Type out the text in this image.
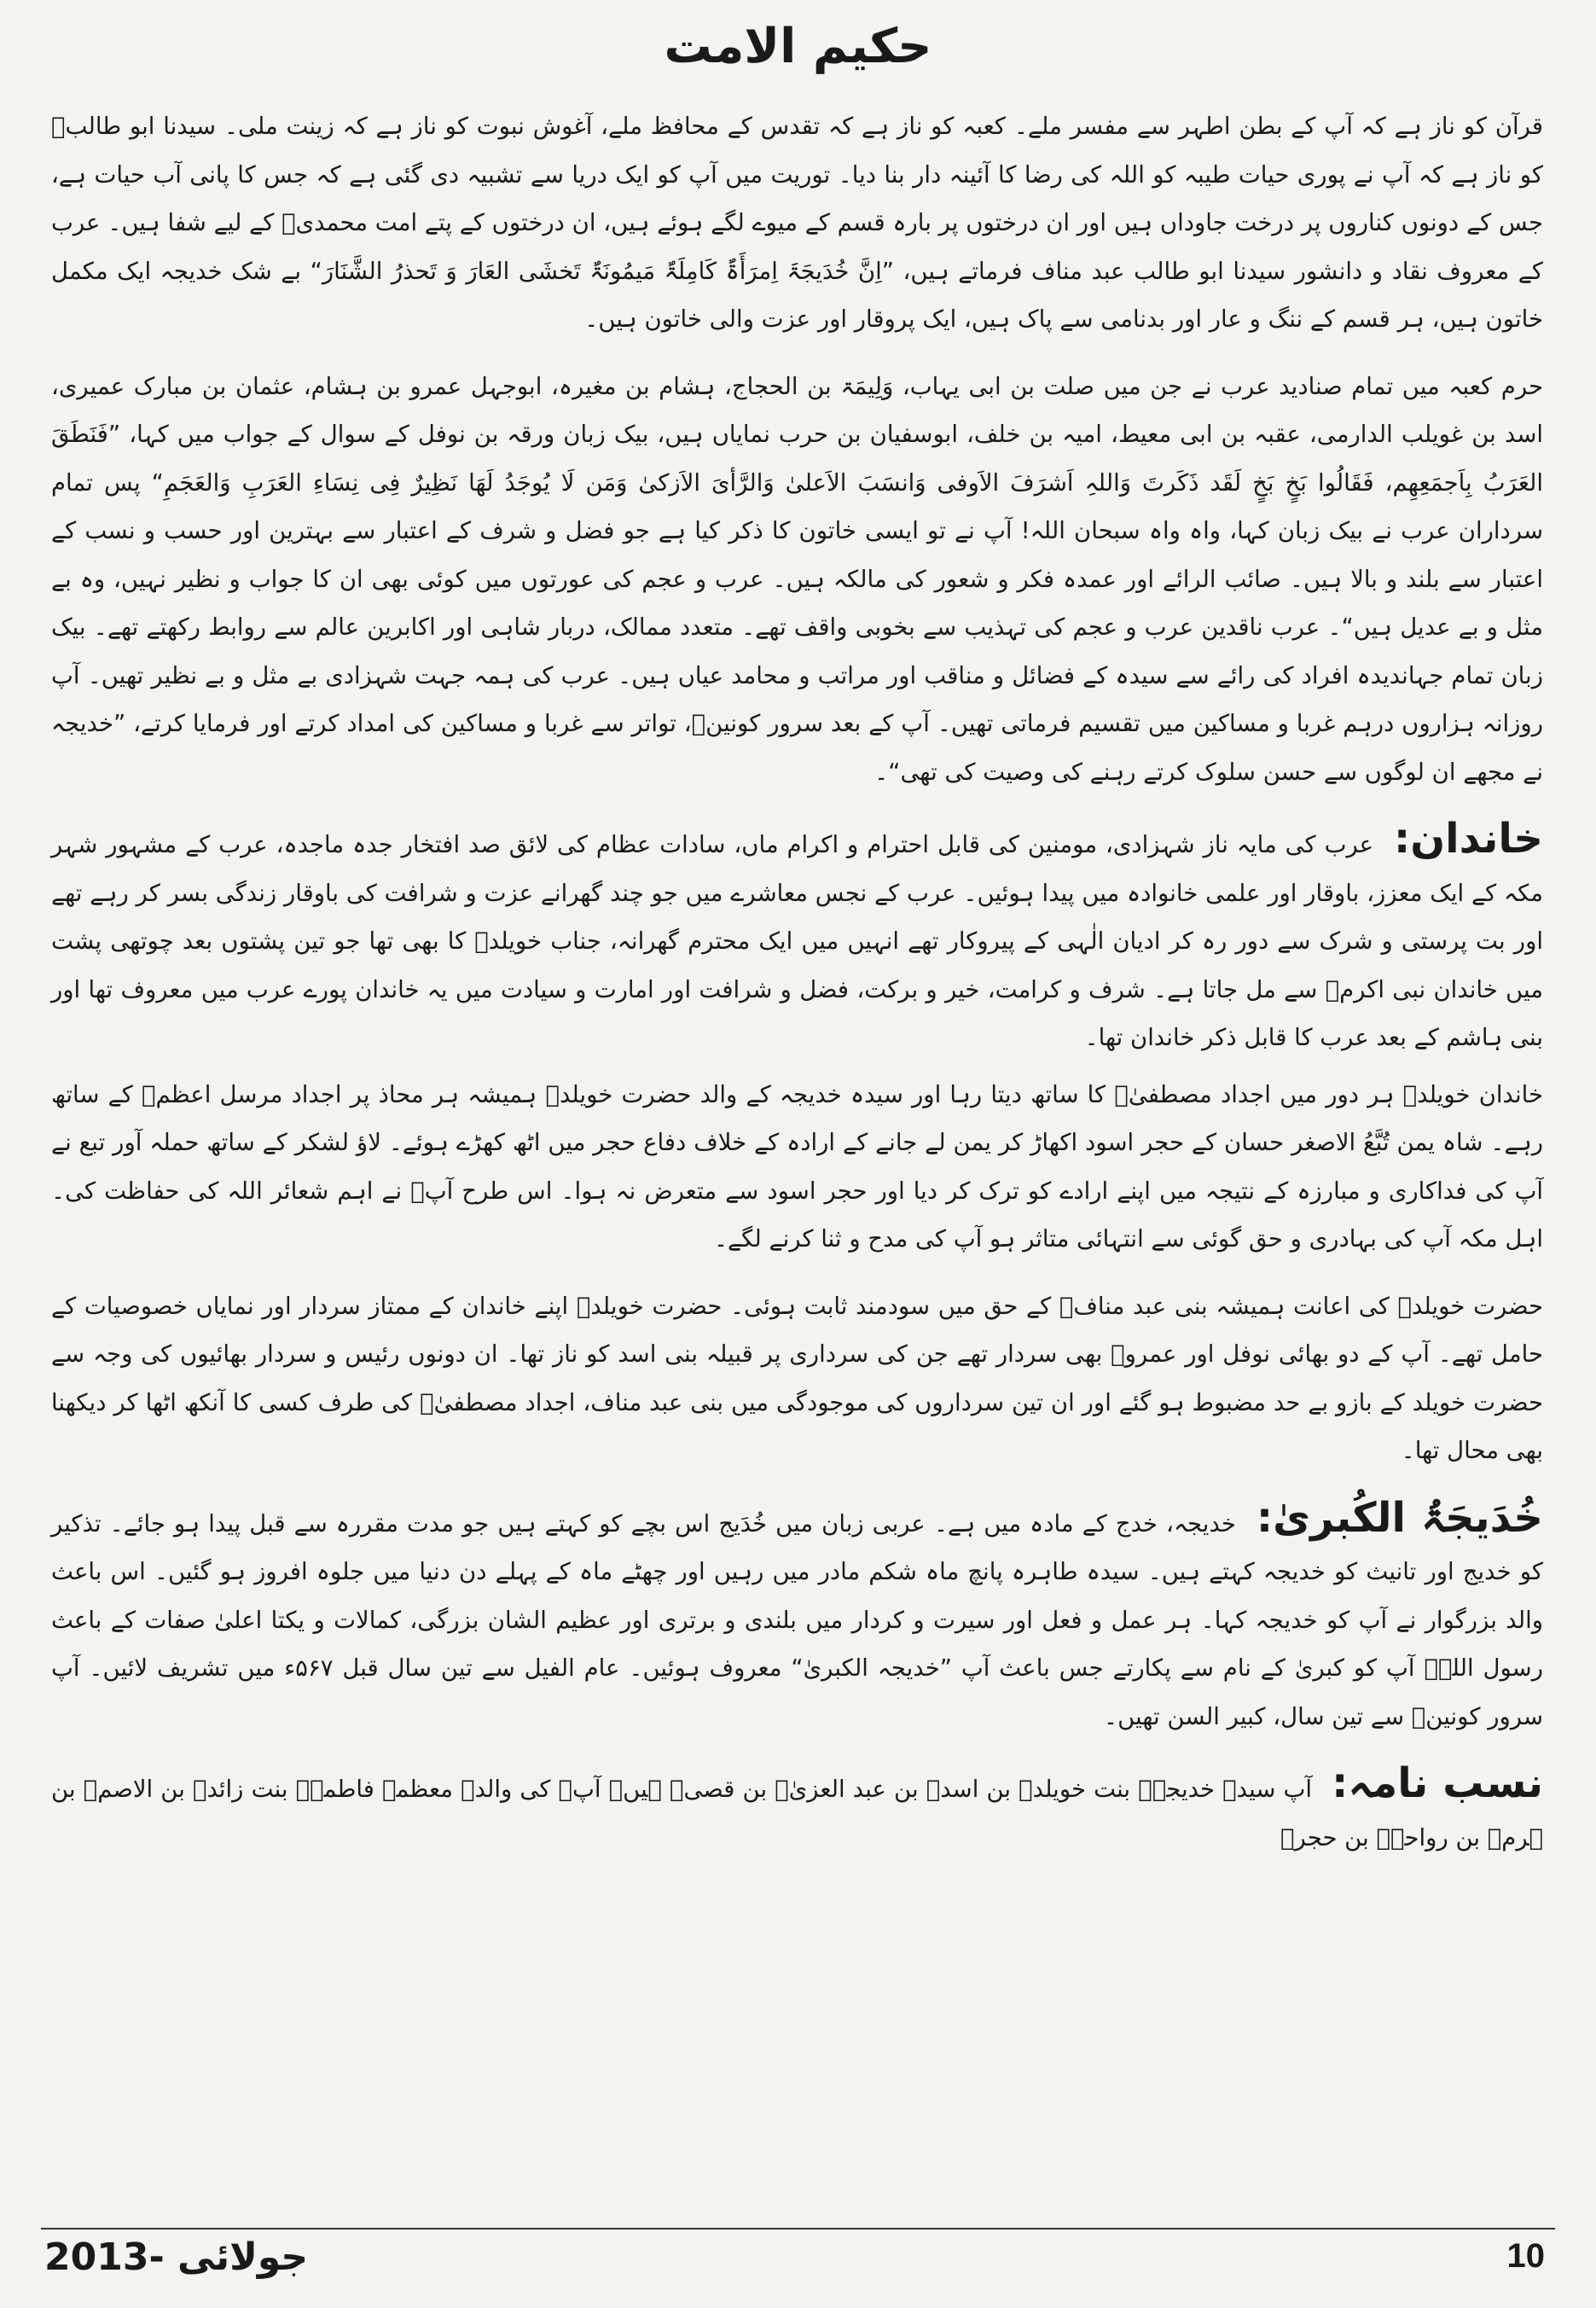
حکیم الامت

قرآن کو ناز ہے کہ آپ کے بطن اطہر سے مفسر ملے۔ کعبہ کو ناز ہے کہ تقدس کے محافظ ملے، آغوش نبوت کو ناز ہے کہ زینت ملی۔ سیدنا ابو طالبؑ کو ناز ہے کہ آپ نے پوری حیات طیبہ کو اللہ کی رضا کا آئینہ دار بنا دیا۔ توریت میں آپ کو ایک دریا سے تشبیہ دی گئی ہے کہ جس کا پانی آب حیات ہے، جس کے دونوں کناروں پر درخت جاوداں ہیں اور ان درختوں پر بارہ قسم کے میوے لگے ہوئے ہیں، ان درختوں کے پتے امت محمدیؐ کے لیے شفا ہیں۔ عرب کے معروف نقاد و دانشور سیدنا ابو طالب عبد مناف فرماتے ہیں، ”اِنَّ خُدَیجَۃَ اِمرَأَۃٌ کَامِلَۃٌ مَیمُونَۃٌ تَخشَی العَارَ وَ تَحذرُ الشَّنَارَ“ بے شک خدیجہ ایک مکمل خاتون ہیں، ہر قسم کے ننگ و عار اور بدنامی سے پاک ہیں، ایک پروقار اور عزت والی خاتون ہیں۔

حرم کعبہ میں تمام صنادید عرب نے جن میں صلت بن ابی یہاب، وَلِیمَۃ بن الحجاج، ہشام بن مغیرہ، ابوجہل عمرو بن ہشام، عثمان بن مبارک عمیری، اسد بن غویلب الدارمی، عقبہ بن ابی معیط، امیہ بن خلف، ابوسفیان بن حرب نمایاں ہیں، بیک زبان ورقہ بن نوفل کے سوال کے جواب میں کہا، ”فَنَطَقَ العَرَبُ بِاَجمَعِھِم، فَقَالُوا بَخٍ بَخٍ لَقَد ذَکَرتَ وَاللہِ اَشرَفَ الاَوفی وَانسَبَ الاَعلیٰ وَالرَّأیَ الاَزکیٰ وَمَن لَا یُوجَدُ لَھَا نَظِیرٌ فِی نِسَاءِ العَرَبِ وَالعَجَمِ“ پس تمام سرداران عرب نے بیک زبان کہا، واہ واہ سبحان اللہ! آپ نے تو ایسی خاتون کا ذکر کیا ہے جو فضل و شرف کے اعتبار سے بہترین اور حسب و نسب کے اعتبار سے بلند و بالا ہیں۔ صائب الرائے اور عمدہ فکر و شعور کی مالکہ ہیں۔ عرب و عجم کی عورتوں میں کوئی بھی ان کا جواب و نظیر نہیں، وہ بے مثل و بے عدیل ہیں“۔ عرب ناقدین عرب و عجم کی تہذیب سے بخوبی واقف تھے۔ متعدد ممالک، دربار شاہی اور اکابرین عالم سے روابط رکھتے تھے۔ بیک زبان تمام جہاندیدہ افراد کی رائے سے سیدہ کے فضائل و مناقب اور مراتب و محامد عیاں ہیں۔ عرب کی ہمہ جہت شہزادی بے مثل و بے نظیر تھیں۔ آپ روزانہ ہزاروں درہم غربا و مساکین میں تقسیم فرماتی تھیں۔ آپ کے بعد سرور کونینؐ، تواتر سے غربا و مساکین کی امداد کرتے اور فرمایا کرتے، ”خدیجہ نے مجھے ان لوگوں سے حسن سلوک کرتے رہنے کی وصیت کی تھی“۔

خاندان: عرب کی مایہ ناز شہزادی، مومنین کی قابل احترام و اکرام ماں، سادات عظام کی لائق صد افتخار جدہ ماجدہ، عرب کے مشہور شہر مکہ کے ایک معزز، باوقار اور علمی خانوادہ میں پیدا ہوئیں۔ عرب کے نجس معاشرے میں جو چند گھرانے عزت و شرافت کی باوقار زندگی بسر کر رہے تھے اور بت پرستی و شرک سے دور رہ کر ادیان الٰہی کے پیروکار تھے انہیں میں ایک محترم گھرانہ، جناب خویلدؑ کا بھی تھا جو تین پشتوں بعد چوتھی پشت میں خاندان نبی اکرمؐ سے مل جاتا ہے۔ شرف و کرامت، خیر و برکت، فضل و شرافت اور امارت و سیادت میں یہ خاندان پورے عرب میں معروف تھا اور بنی ہاشم کے بعد عرب کا قابل ذکر خاندان تھا۔

خاندان خویلدؑ ہر دور میں اجداد مصطفیٰؐ کا ساتھ دیتا رہا اور سیدہ خدیجہ کے والد حضرت خویلدؑ ہمیشہ ہر محاذ پر اجداد مرسل اعظمؐ کے ساتھ رہے۔ شاہ یمن تُبَّعُ الاصغر حسان کے حجر اسود اکھاڑ کر یمن لے جانے کے ارادہ کے خلاف دفاع حجر میں اٹھ کھڑے ہوئے۔ لاؤ لشکر کے ساتھ حملہ آور تبع نے آپ کی فداکاری و مبارزہ کے نتیجہ میں اپنے ارادے کو ترک کر دیا اور حجر اسود سے متعرض نہ ہوا۔ اس طرح آپؑ نے اہم شعائر اللہ کی حفاظت کی۔ اہل مکہ آپ کی بہادری و حق گوئی سے انتہائی متاثر ہو آپ کی مدح و ثنا کرنے لگے۔

حضرت خویلدؑ کی اعانت ہمیشہ بنی عبد منافؑ کے حق میں سودمند ثابت ہوئی۔ حضرت خویلدؑ اپنے خاندان کے ممتاز سردار اور نمایاں خصوصیات کے حامل تھے۔ آپ کے دو بھائی نوفل اور عمروؑ بھی سردار تھے جن کی سرداری پر قبیلہ بنی اسد کو ناز تھا۔ ان دونوں رئیس و سردار بھائیوں کی وجہ سے حضرت خویلد کے بازو بے حد مضبوط ہو گئے اور ان تین سرداروں کی موجودگی میں بنی عبد مناف، اجداد مصطفیٰؐ کی طرف کسی کا آنکھ اٹھا کر دیکھنا بھی محال تھا۔

خُدَیجَۃُ الکُبریٰ: خدیجہ، خدج کے مادہ میں ہے۔ عربی زبان میں خُدَیج اس بچے کو کہتے ہیں جو مدت مقررہ سے قبل پیدا ہو جائے۔ تذکیر کو خدیج اور تانیث کو خدیجہ کہتے ہیں۔ سیدہ طاہرہ پانچ ماہ شکم مادر میں رہیں اور چھٹے ماہ کے پہلے دن دنیا میں جلوہ افروز ہو گئیں۔ اس باعث والد بزرگوار نے آپ کو خدیجہ کہا۔ ہر عمل و فعل اور سیرت و کردار میں بلندی و برتری اور عظیم الشان بزرگی، کمالات و یکتا اعلیٰ صفات کے باعث رسول اللہؐ آپ کو کبریٰ کے نام سے پکارتے جس باعث آپ ”خدیجہ الکبریٰ“ معروف ہوئیں۔ عام الفیل سے تین سال قبل ۵۶۷ء میں تشریف لائیں۔ آپ سرور کونینؐ سے تین سال، کبیر السن تھیں۔

نسب نامہ: آپ سیدہ خدیجہؑ بنت خویلدؑ بن اسدؑ بن عبد العزیٰؑ بن قصیؑ ہیں۔ آپؑ کی والدہ معظمہ فاطمہؑ بنت زائدؑ بن الاصمؑ بن ہرمؑ بن رواحہؑ بن حجرؑ

10
جولائی -2013
